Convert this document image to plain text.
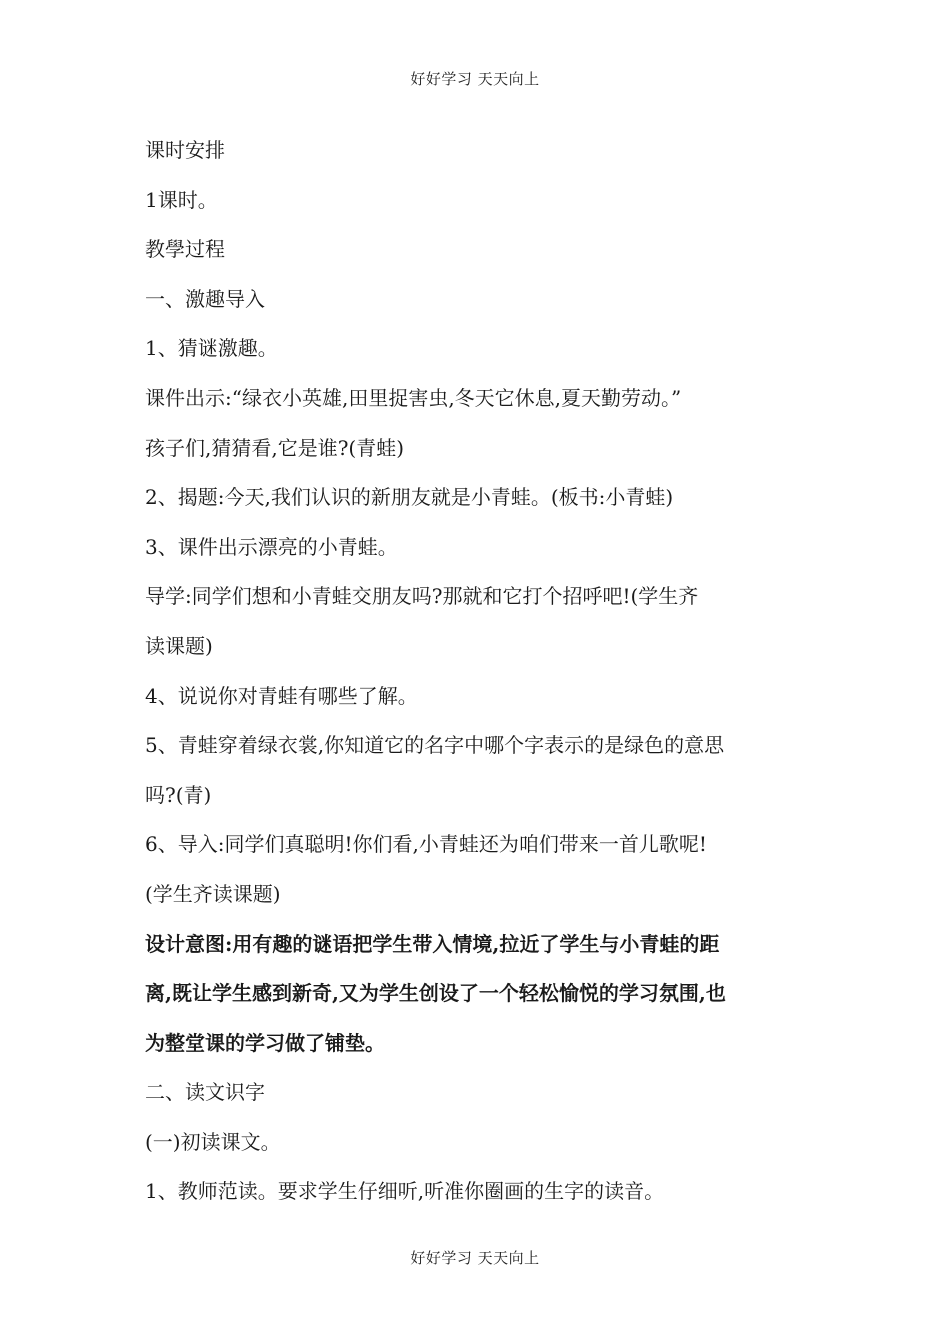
好好学习 天天向上
课时安排
1课时。
教學过程
一、激趣导入
1、猜谜激趣。
课件出示:“绿衣小英雄,田里捉害虫,冬天它休息,夏天勤劳动。”
孩子们,猜猜看,它是谁?(青蛙)
2、揭题:今天,我们认识的新朋友就是小青蛙。(板书:小青蛙)
3、课件出示漂亮的小青蛙。
导学:同学们想和小青蛙交朋友吗?那就和它打个招呼吧!(学生齐
读课题)
4、说说你对青蛙有哪些了解。
5、青蛙穿着绿衣裳,你知道它的名字中哪个字表示的是绿色的意思
吗?(青)
6、导入:同学们真聪明!你们看,小青蛙还为咱们带来一首儿歌呢!
(学生齐读课题)
设计意图:用有趣的谜语把学生带入情境,拉近了学生与小青蛙的距
离,既让学生感到新奇,又为学生创设了一个轻松愉悦的学习氛围,也
为整堂课的学习做了铺垫。
二、读文识字
(一)初读课文。
1、教师范读。要求学生仔细听,听准你圈画的生字的读音。
好好学习 天天向上
